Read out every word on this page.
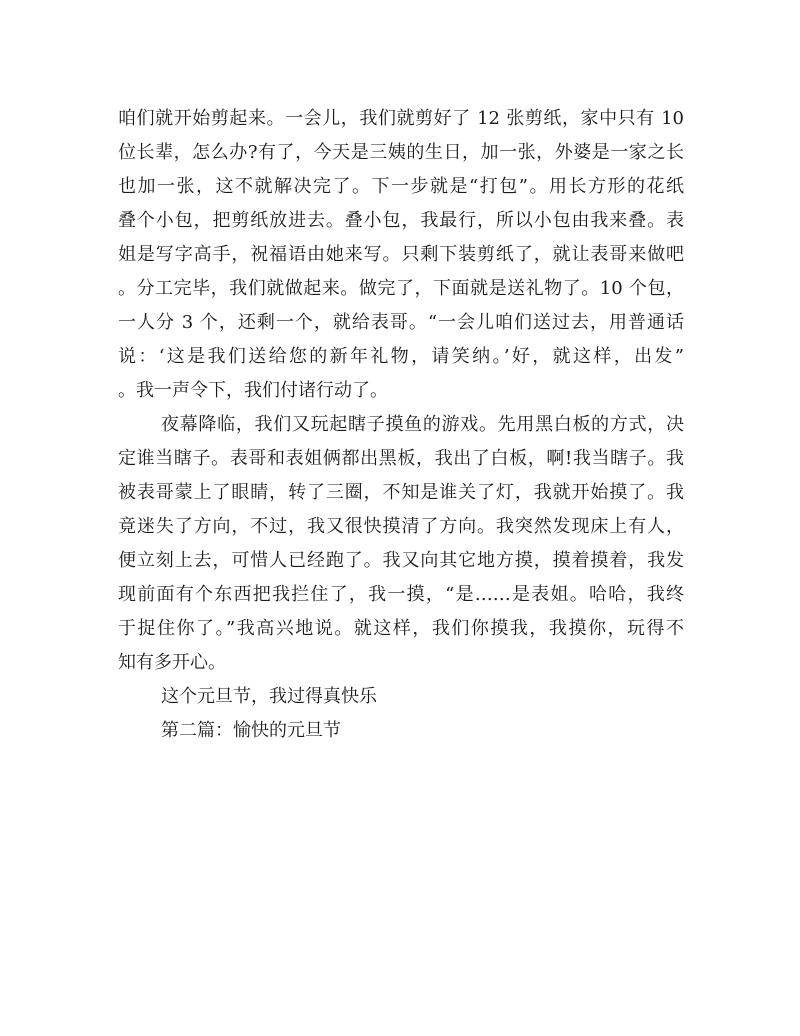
咱们就开始剪起来。一会儿，我们就剪好了 12 张剪纸，家中只有 10
位长辈，怎么办?有了，今天是三姨的生日，加一张，外婆是一家之长
也加一张，这不就解决完了。下一步就是“打包”。用长方形的花纸
叠个小包，把剪纸放进去。叠小包，我最行，所以小包由我来叠。表
姐是写字高手，祝福语由她来写。只剩下装剪纸了，就让表哥来做吧
。分工完毕，我们就做起来。做完了，下面就是送礼物了。10 个包，
一人分 3 个，还剩一个，就给表哥。“一会儿咱们送过去，用普通话
说：‘这是我们送给您的新年礼物，请笑纳。’好，就这样，出发”
。我一声令下，我们付诸行动了。
夜幕降临，我们又玩起瞎子摸鱼的游戏。先用黑白板的方式，决
定谁当瞎子。表哥和表姐俩都出黑板，我出了白板，啊!我当瞎子。我
被表哥蒙上了眼睛，转了三圈，不知是谁关了灯，我就开始摸了。我
竟迷失了方向，不过，我又很快摸清了方向。我突然发现床上有人，
便立刻上去，可惜人已经跑了。我又向其它地方摸，摸着摸着，我发
现前面有个东西把我拦住了，我一摸，“是……是表姐。哈哈，我终
于捉住你了。”我高兴地说。就这样，我们你摸我，我摸你，玩得不
知有多开心。
这个元旦节，我过得真快乐
第二篇：愉快的元旦节
